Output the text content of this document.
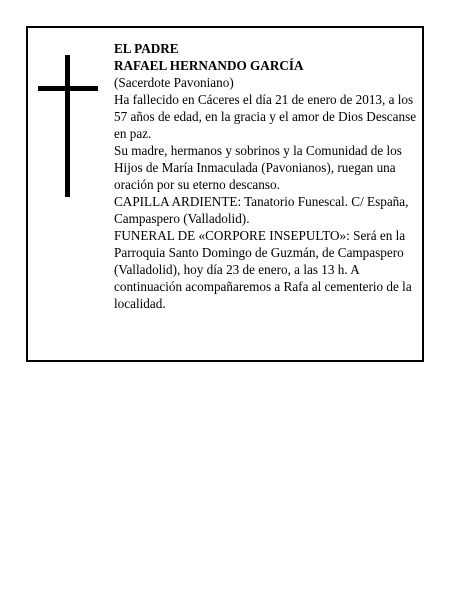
EL PADRE

RAFAEL HERNANDO GARCÍA

(Sacerdote Pavoniano)

Ha fallecido en Cáceres el día 21 de enero de 2013, a los 57 años de edad, en la gracia y el amor de Dios Descanse en paz.

Su madre, hermanos y sobrinos y la Comunidad de los Hijos de María Inmaculada (Pavonianos), ruegan una oración por su eterno descanso.

CAPILLA ARDIENTE: Tanatorio Funescal. C/ España, Campaspero (Valladolid).

FUNERAL DE «CORPORE INSEPULTO»: Será en la Parroquia Santo Domingo de Guzmán, de Campaspero (Valladolid), hoy día 23 de enero, a las 13 h. A continuación acompañaremos a Rafa al cementerio de la localidad.
